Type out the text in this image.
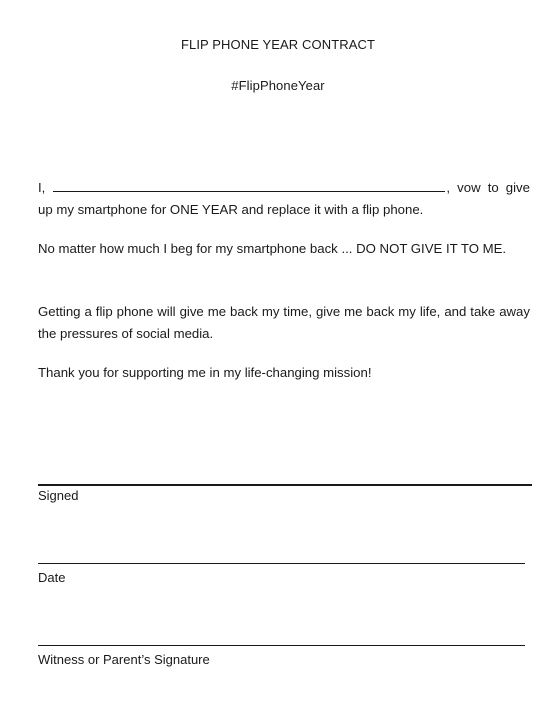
FLIP PHONE YEAR CONTRACT
#FlipPhoneYear

I,	, vow to give up my smartphone for ONE YEAR and replace it with a flip phone.

No matter how much I beg for my smartphone back ... DO NOT GIVE IT TO ME.

Getting a flip phone will give me back my time, give me back my life, and take away the pressures of social media.

Thank you for supporting me in my life-changing mission!

Signed
Date
Witness or Parent’s Signature
